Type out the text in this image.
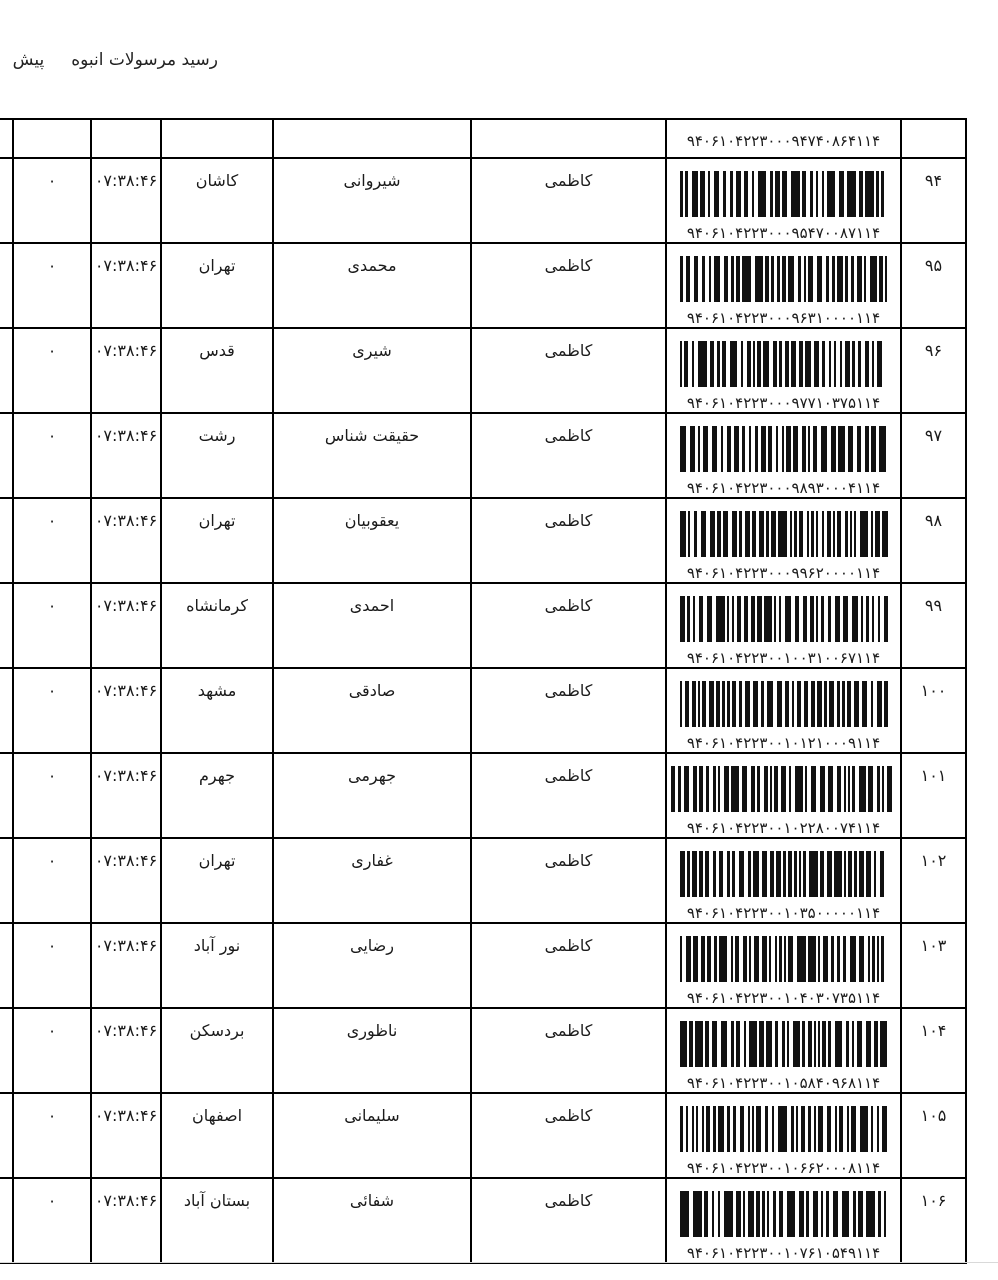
رسید مرسولات انبوه     پیش

	۹۴۰۶۱۰۴۲۲۳۰۰۰۹۴۷۴۰۸۶۴۱۱۴						

۹۴	۹۴۰۶۱۰۴۲۲۳۰۰۰۹۵۴۷۰۰۸۷۱۱۴	کاظمی	شیروانی	کاشان	۰۷:۳۸:۴۶	۰	
۹۵	۹۴۰۶۱۰۴۲۲۳۰۰۰۹۶۳۱۰۰۰۰۱۱۴	کاظمی	محمدی	تهران	۰۷:۳۸:۴۶	۰	
۹۶	۹۴۰۶۱۰۴۲۲۳۰۰۰۹۷۷۱۰۳۷۵۱۱۴	کاظمی	شیری	قدس	۰۷:۳۸:۴۶	۰	
۹۷	۹۴۰۶۱۰۴۲۲۳۰۰۰۹۸۹۳۰۰۰۴۱۱۴	کاظمی	حقیقت شناس	رشت	۰۷:۳۸:۴۶	۰	
۹۸	۹۴۰۶۱۰۴۲۲۳۰۰۰۹۹۶۲۰۰۰۰۱۱۴	کاظمی	یعقوبیان	تهران	۰۷:۳۸:۴۶	۰	
۹۹	۹۴۰۶۱۰۴۲۲۳۰۰۱۰۰۳۱۰۰۶۷۱۱۴	کاظمی	احمدی	کرمانشاه	۰۷:۳۸:۴۶	۰	
۱۰۰	۹۴۰۶۱۰۴۲۲۳۰۰۱۰۱۲۱۰۰۰۹۱۱۴	کاظمی	صادقی	مشهد	۰۷:۳۸:۴۶	۰	
۱۰۱	۹۴۰۶۱۰۴۲۲۳۰۰۱۰۲۲۸۰۰۷۴۱۱۴	کاظمی	جهرمی	جهرم	۰۷:۳۸:۴۶	۰	
۱۰۲	۹۴۰۶۱۰۴۲۲۳۰۰۱۰۳۵۰۰۰۰۰۱۱۴	کاظمی	غفاری	تهران	۰۷:۳۸:۴۶	۰	
۱۰۳	۹۴۰۶۱۰۴۲۲۳۰۰۱۰۴۰۳۰۷۳۵۱۱۴	کاظمی	رضایی	نور آباد	۰۷:۳۸:۴۶	۰	
۱۰۴	۹۴۰۶۱۰۴۲۲۳۰۰۱۰۵۸۴۰۹۶۸۱۱۴	کاظمی	ناظوری	بردسکن	۰۷:۳۸:۴۶	۰	
۱۰۵	۹۴۰۶۱۰۴۲۲۳۰۰۱۰۶۶۲۰۰۰۸۱۱۴	کاظمی	سلیمانی	اصفهان	۰۷:۳۸:۴۶	۰	
۱۰۶	۹۴۰۶۱۰۴۲۲۳۰۰۱۰۷۶۱۰۵۴۹۱۱۴	کاظمی	شفائی	بستان آباد	۰۷:۳۸:۴۶	۰	
